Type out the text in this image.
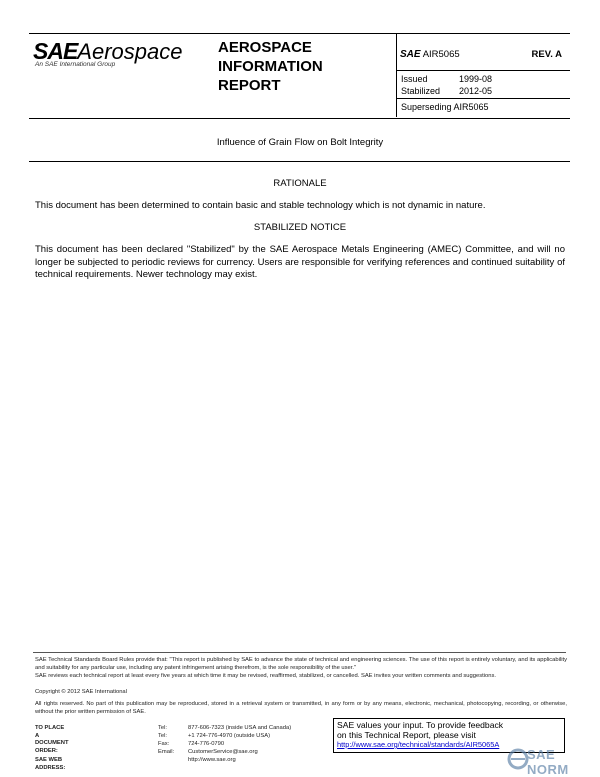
SAEAerospace
An SAE International Group
AEROSPACE
INFORMATION
REPORT
SAE AIR5065	REV. A
Issued	1999-08
Stabilized 2012-05
Superseding AIR5065
Influence of Grain Flow on Bolt Integrity
RATIONALE
This document has been determined to contain basic and stable technology which is not dynamic in nature.
STABILIZED NOTICE
This document has been declared "Stabilized" by the SAE Aerospace Metals Engineering (AMEC) Committee, and will no longer be subjected to periodic reviews for currency. Users are responsible for verifying references and continued suitability of technical requirements. Newer technology may exist.
SAE Technical Standards Board Rules provide that: "This report is published by SAE to advance the state of technical and engineering sciences. The use of this report is entirely voluntary, and its applicability and suitability for any particular use, including any patent infringement arising therefrom, is the sole responsibility of the user."
SAE reviews each technical report at least every five years at which time it may be revised, reaffirmed, stabilized, or cancelled. SAE invites your written comments and suggestions.
Copyright © 2012 SAE International
All rights reserved. No part of this publication may be reproduced, stored in a retrieval system or transmitted, in any form or by any means, electronic, mechanical, photocopying, recording, or otherwise, without the prior written permission of SAE.
TO PLACE A DOCUMENT ORDER:
Tel:	877-606-7323 (inside USA and Canada)
Tel:	+1 724-776-4970 (outside USA)
Fax:	724-776-0790
Email: CustomerService@sae.org
SAE WEB ADDRESS:
http://www.sae.org
SAE values your input. To provide feedback
on this Technical Report, please visit
http://www.sae.org/technical/standards/AIR5065A
SAE NORM
